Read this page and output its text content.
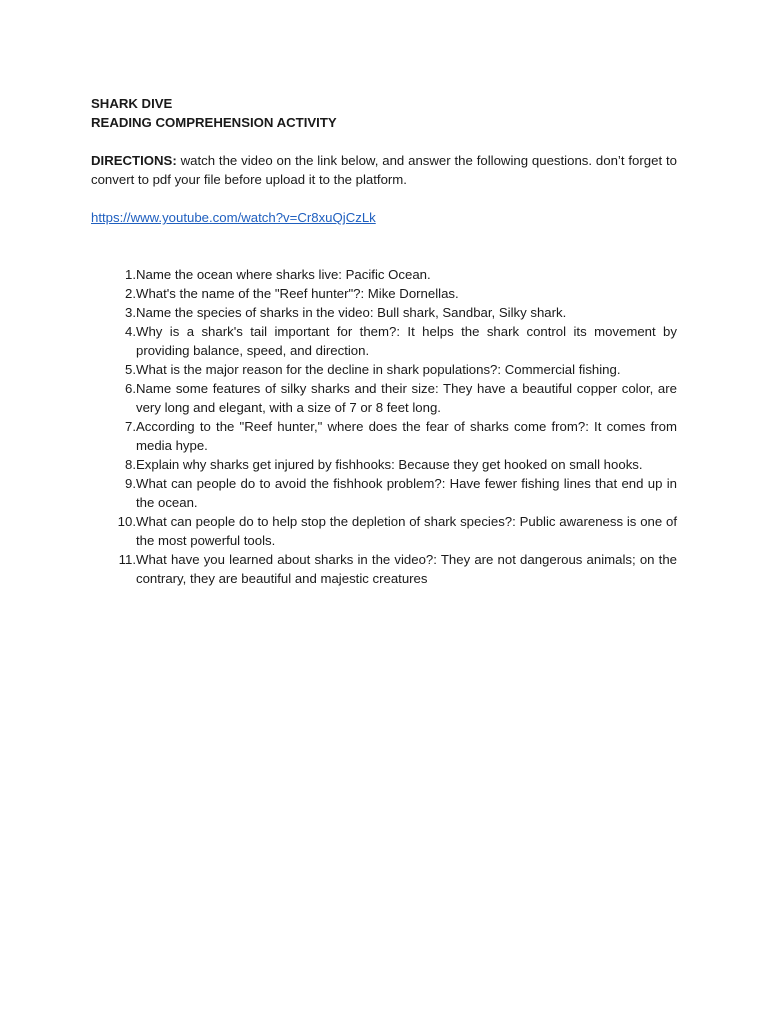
SHARK DIVE

READING COMPREHENSION ACTIVITY

DIRECTIONS: watch the video on the link below, and answer the following questions. don’t forget to convert to pdf your file before upload it to the platform.

https://www.youtube.com/watch?v=Cr8xuQjCzLk
1. Name the ocean where sharks live: Pacific Ocean.
2. What's the name of the "Reef hunter"?: Mike Dornellas.
3. Name the species of sharks in the video: Bull shark, Sandbar, Silky shark.
4. Why is a shark's tail important for them?: It helps the shark control its movement by providing balance, speed, and direction.
5. What is the major reason for the decline in shark populations?: Commercial fishing.
6. Name some features of silky sharks and their size: They have a beautiful copper color, are very long and elegant, with a size of 7 or 8 feet long.
7. According to the "Reef hunter," where does the fear of sharks come from?: It comes from media hype.
8. Explain why sharks get injured by fishhooks: Because they get hooked on small hooks.
9. What can people do to avoid the fishhook problem?: Have fewer fishing lines that end up in the ocean.
10. What can people do to help stop the depletion of shark species?: Public awareness is one of the most powerful tools.
11. What have you learned about sharks in the video?: They are not dangerous animals; on the contrary, they are beautiful and majestic creatures
